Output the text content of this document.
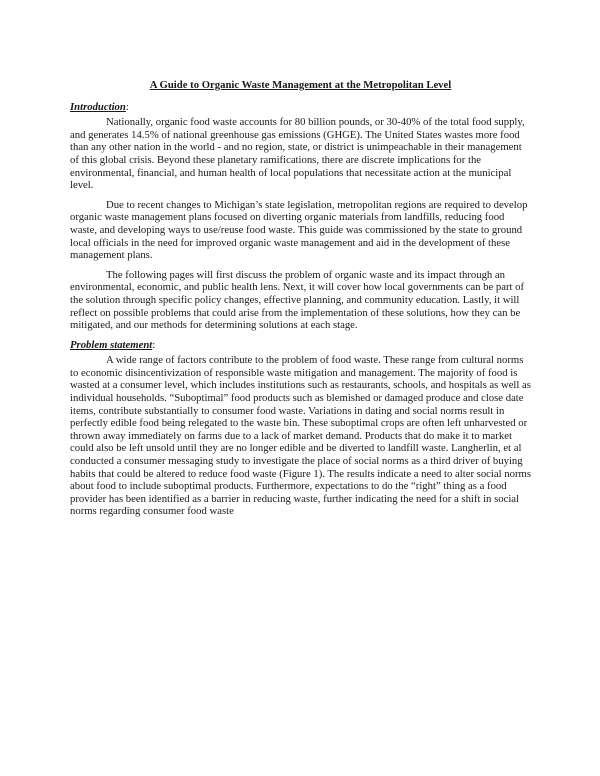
A Guide to Organic Waste Management at the Metropolitan Level
Introduction:

Nationally, organic food waste accounts for 80 billion pounds, or 30-40% of the total food supply, and generates 14.5% of national greenhouse gas emissions (GHGE). The United States wastes more food than any other nation in the world - and no region, state, or district is unimpeachable in their management of this global crisis. Beyond these planetary ramifications, there are discrete implications for the environmental, financial, and human health of local populations that necessitate action at the municipal level.

Due to recent changes to Michigan’s state legislation, metropolitan regions are required to develop organic waste management plans focused on diverting organic materials from landfills, reducing food waste, and developing ways to use/reuse food waste. This guide was commissioned by the state to ground local officials in the need for improved organic waste management and aid in the development of these management plans.

The following pages will first discuss the problem of organic waste and its impact through an environmental, economic, and public health lens. Next, it will cover how local governments can be part of the solution through specific policy changes, effective planning, and community education. Lastly, it will reflect on possible problems that could arise from the implementation of these solutions, how they can be mitigated, and our methods for determining solutions at each stage.

Problem statement:

A wide range of factors contribute to the problem of food waste. These range from cultural norms to economic disincentivization of responsible waste mitigation and management. The majority of food is wasted at a consumer level, which includes institutions such as restaurants, schools, and hospitals as well as individual households. “Suboptimal” food products such as blemished or damaged produce and close date items, contribute substantially to consumer food waste. Variations in dating and social norms result in perfectly edible food being relegated to the waste bin. These suboptimal crops are often left unharvested or thrown away immediately on farms due to a lack of market demand. Products that do make it to market could also be left unsold until they are no longer edible and be diverted to landfill waste. Langherlin, et al conducted a consumer messaging study to investigate the place of social norms as a third driver of buying habits that could be altered to reduce food waste (Figure 1). The results indicate a need to alter social norms about food to include suboptimal products. Furthermore, expectations to do the “right” thing as a food provider has been identified as a barrier in reducing waste, further indicating the need for a shift in social norms regarding consumer food waste
